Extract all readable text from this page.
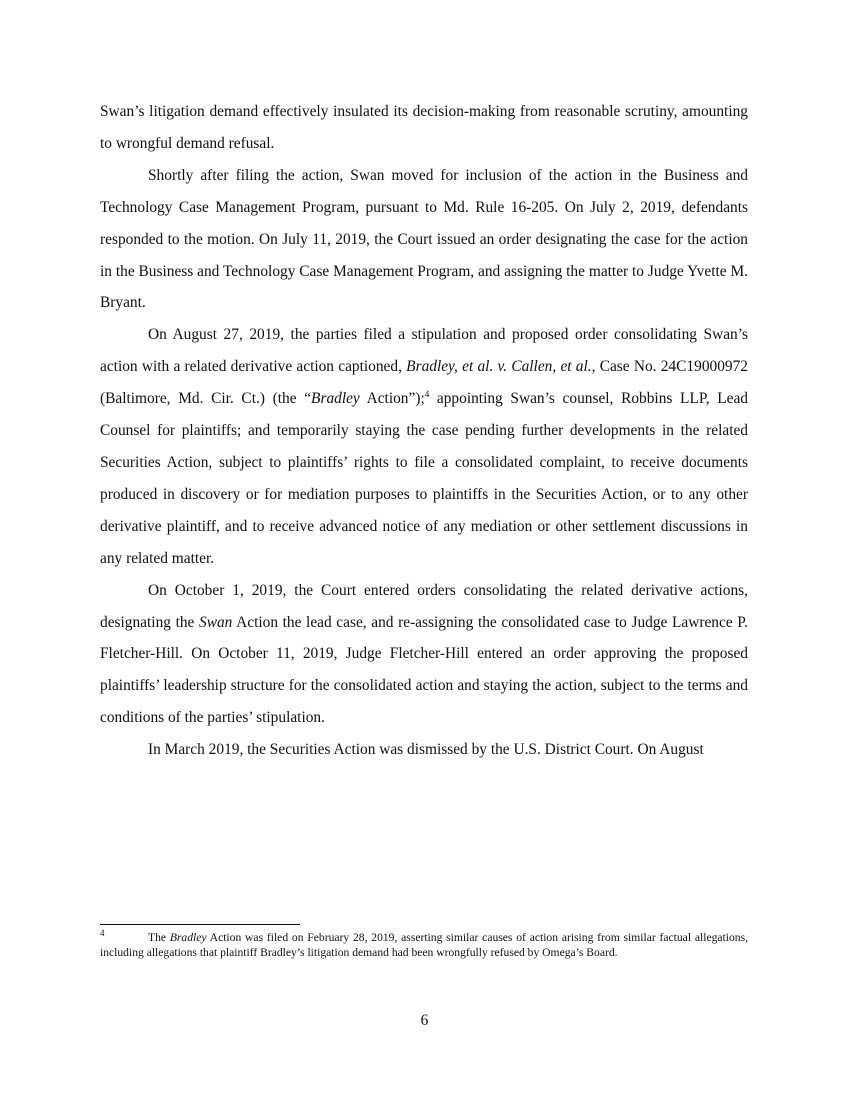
Swan’s litigation demand effectively insulated its decision-making from reasonable scrutiny, amounting to wrongful demand refusal.

Shortly after filing the action, Swan moved for inclusion of the action in the Business and Technology Case Management Program, pursuant to Md. Rule 16-205. On July 2, 2019, defendants responded to the motion. On July 11, 2019, the Court issued an order designating the case for the action in the Business and Technology Case Management Program, and assigning the matter to Judge Yvette M. Bryant.

On August 27, 2019, the parties filed a stipulation and proposed order consolidating Swan’s action with a related derivative action captioned, Bradley, et al. v. Callen, et al., Case No. 24C19000972 (Baltimore, Md. Cir. Ct.) (the “Bradley Action”);$^4$ appointing Swan’s counsel, Robbins LLP, Lead Counsel for plaintiffs; and temporarily staying the case pending further developments in the related Securities Action, subject to plaintiffs’ rights to file a consolidated complaint, to receive documents produced in discovery or for mediation purposes to plaintiffs in the Securities Action, or to any other derivative plaintiff, and to receive advanced notice of any mediation or other settlement discussions in any related matter.

On October 1, 2019, the Court entered orders consolidating the related derivative actions, designating the Swan Action the lead case, and re-assigning the consolidated case to Judge Lawrence P. Fletcher-Hill. On October 11, 2019, Judge Fletcher-Hill entered an order approving the proposed plaintiffs’ leadership structure for the consolidated action and staying the action, subject to the terms and conditions of the parties’ stipulation.

In March 2019, the Securities Action was dismissed by the U.S. District Court. On August

4	The Bradley Action was filed on February 28, 2019, asserting similar causes of action arising from similar factual allegations, including allegations that plaintiff Bradley’s litigation demand had been wrongfully refused by Omega’s Board.
6
